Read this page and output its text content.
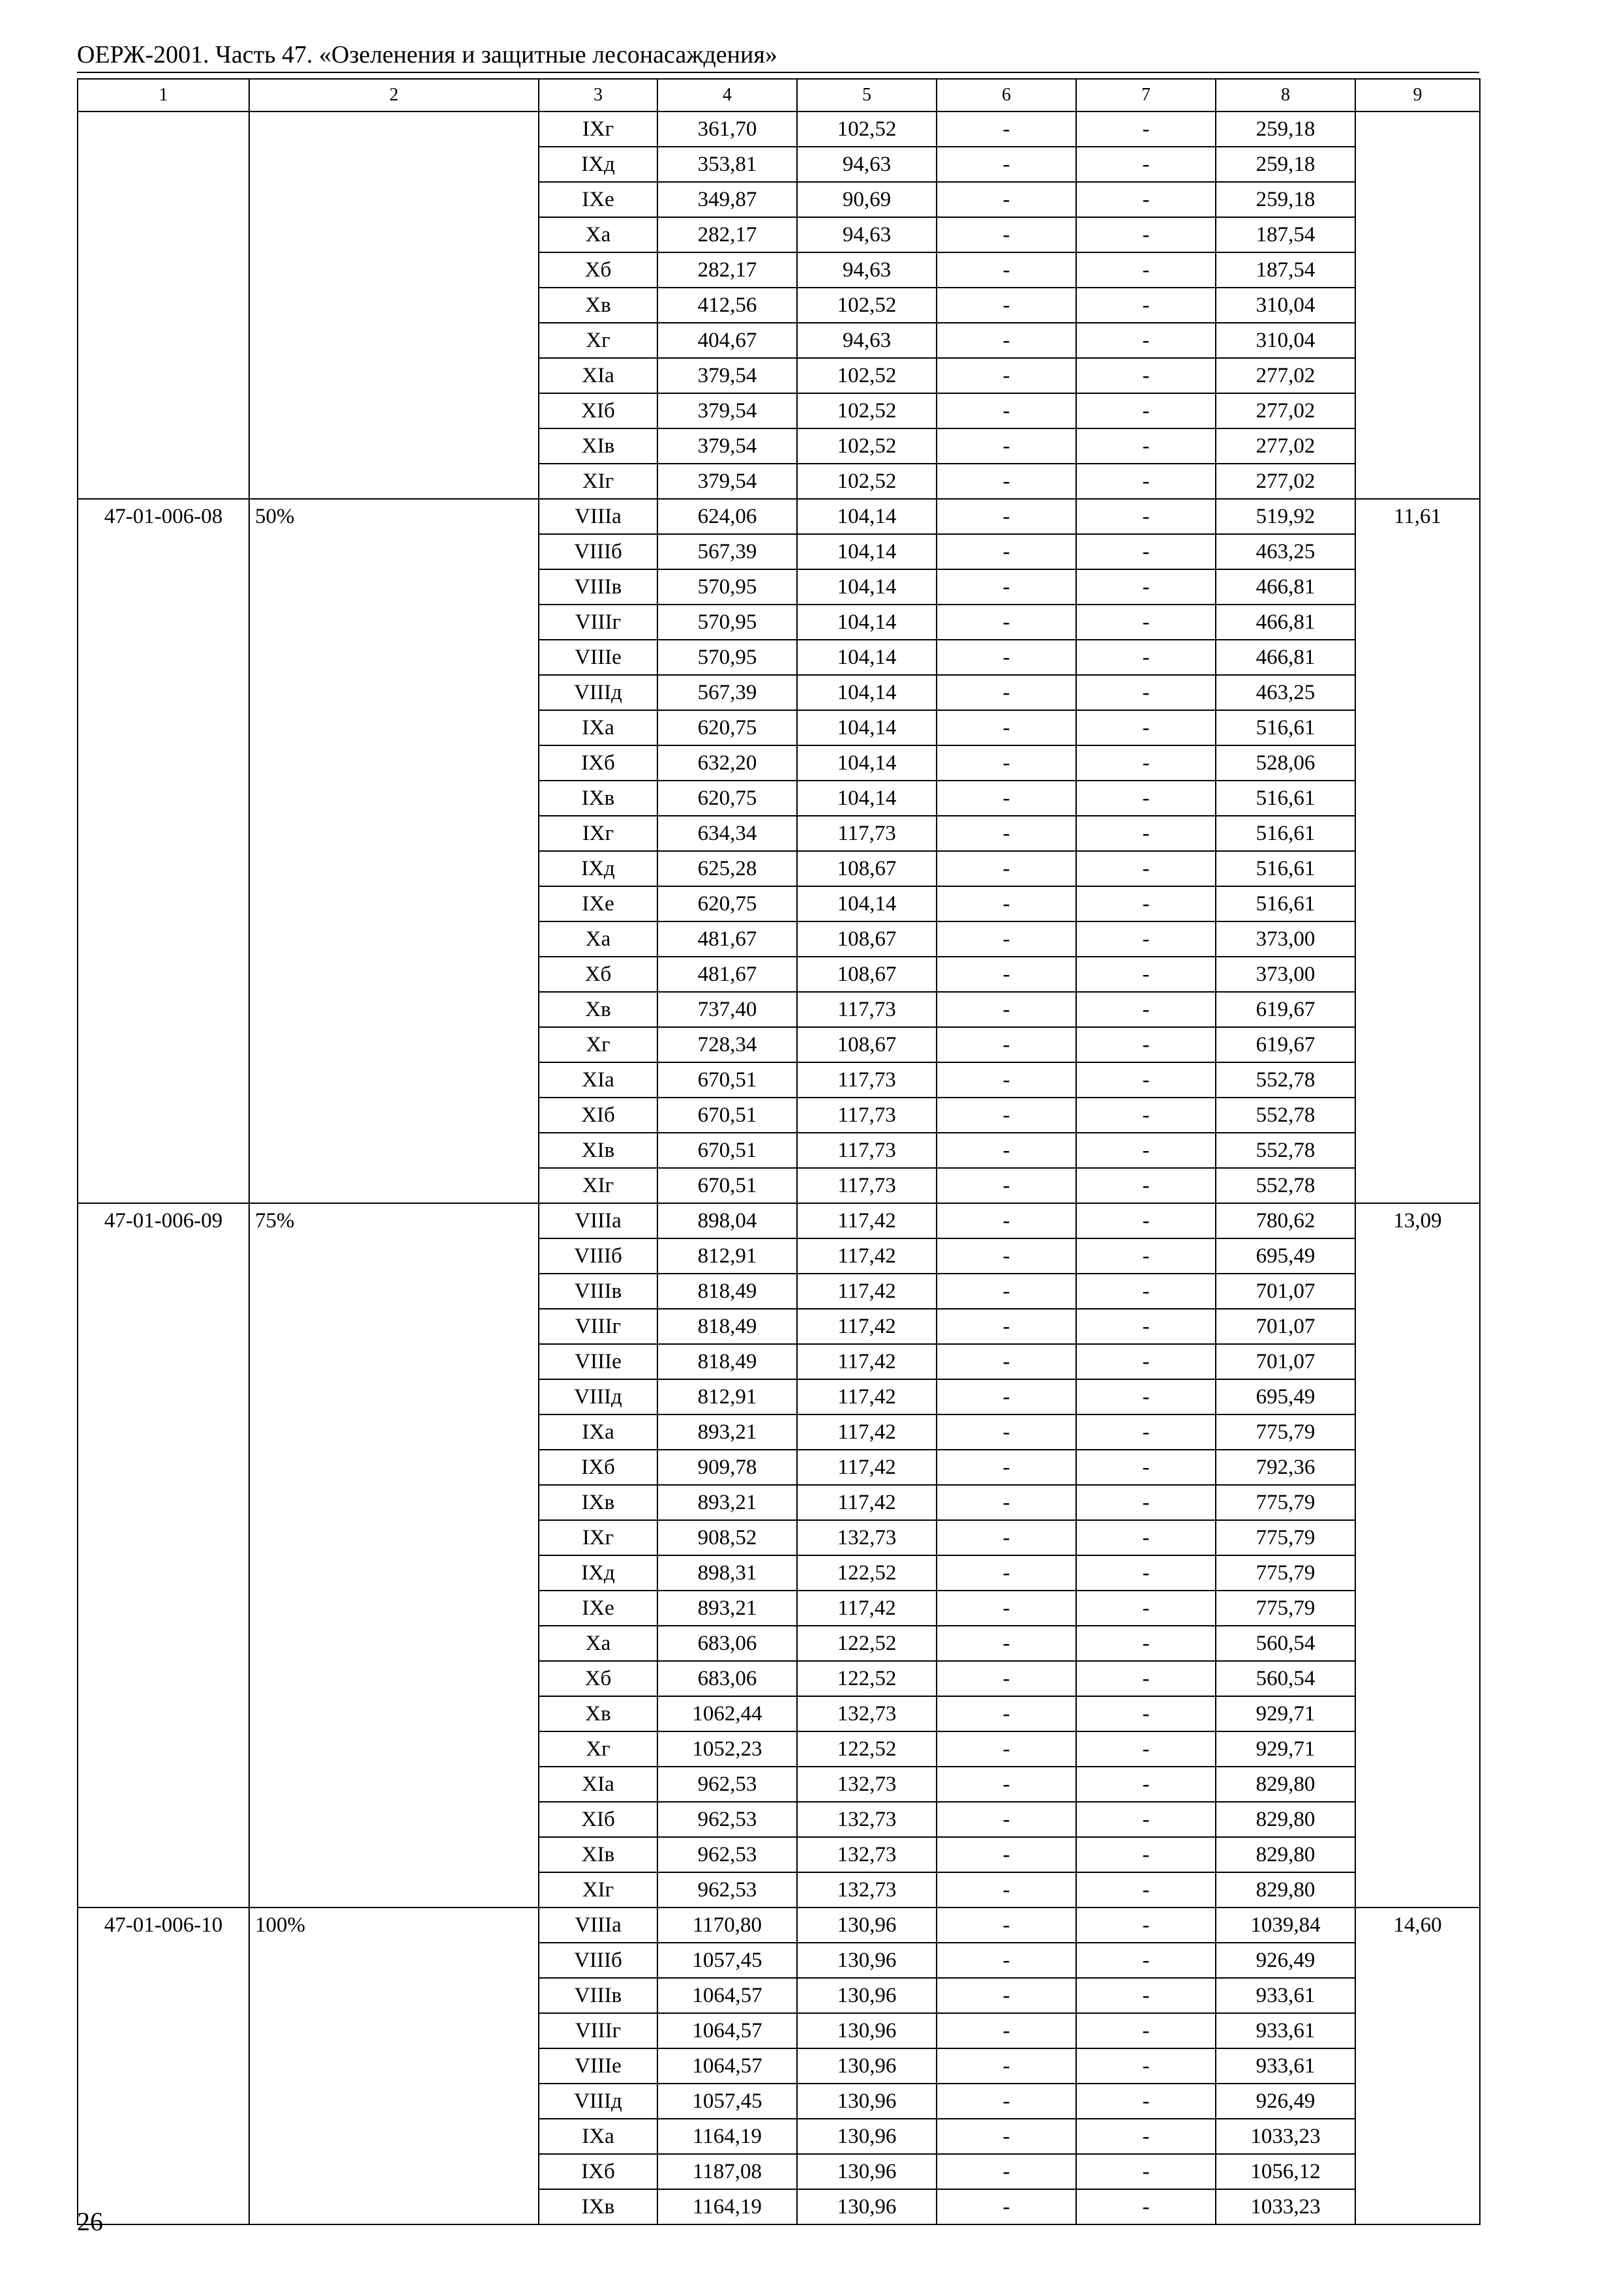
ОЕРЖ-2001. Часть 47. «Озеленения и защитные лесонасаждения»
1	2	3	4	5	6	7	8	9
		IXг	361,70	102,52	-	-	259,18	
		IXд	353,81	94,63	-	-	259,18	
		IXе	349,87	90,69	-	-	259,18	
		Xа	282,17	94,63	-	-	187,54	
		Xб	282,17	94,63	-	-	187,54	
		Xв	412,56	102,52	-	-	310,04	
		Xг	404,67	94,63	-	-	310,04	
		XIа	379,54	102,52	-	-	277,02	
		XIб	379,54	102,52	-	-	277,02	
		XIв	379,54	102,52	-	-	277,02	
		XIг	379,54	102,52	-	-	277,02	
47-01-006-08	50%	VIIIа	624,06	104,14	-	-	519,92	11,61
		VIIIб	567,39	104,14	-	-	463,25	
		VIIIв	570,95	104,14	-	-	466,81	
		VIIIг	570,95	104,14	-	-	466,81	
		VIIIе	570,95	104,14	-	-	466,81	
		VIIIд	567,39	104,14	-	-	463,25	
		IXа	620,75	104,14	-	-	516,61	
		IXб	632,20	104,14	-	-	528,06	
		IXв	620,75	104,14	-	-	516,61	
		IXг	634,34	117,73	-	-	516,61	
		IXд	625,28	108,67	-	-	516,61	
		IXе	620,75	104,14	-	-	516,61	
		Xа	481,67	108,67	-	-	373,00	
		Xб	481,67	108,67	-	-	373,00	
		Xв	737,40	117,73	-	-	619,67	
		Xг	728,34	108,67	-	-	619,67	
		XIа	670,51	117,73	-	-	552,78	
		XIб	670,51	117,73	-	-	552,78	
		XIв	670,51	117,73	-	-	552,78	
		XIг	670,51	117,73	-	-	552,78	
47-01-006-09	75%	VIIIа	898,04	117,42	-	-	780,62	13,09
		VIIIб	812,91	117,42	-	-	695,49	
		VIIIв	818,49	117,42	-	-	701,07	
		VIIIг	818,49	117,42	-	-	701,07	
		VIIIе	818,49	117,42	-	-	701,07	
		VIIIд	812,91	117,42	-	-	695,49	
		IXа	893,21	117,42	-	-	775,79	
		IXб	909,78	117,42	-	-	792,36	
		IXв	893,21	117,42	-	-	775,79	
		IXг	908,52	132,73	-	-	775,79	
		IXд	898,31	122,52	-	-	775,79	
		IXе	893,21	117,42	-	-	775,79	
		Xа	683,06	122,52	-	-	560,54	
		Xб	683,06	122,52	-	-	560,54	
		Xв	1062,44	132,73	-	-	929,71	
		Xг	1052,23	122,52	-	-	929,71	
		XIа	962,53	132,73	-	-	829,80	
		XIб	962,53	132,73	-	-	829,80	
		XIв	962,53	132,73	-	-	829,80	
		XIг	962,53	132,73	-	-	829,80	
47-01-006-10	100%	VIIIа	1170,80	130,96	-	-	1039,84	14,60
		VIIIб	1057,45	130,96	-	-	926,49	
		VIIIв	1064,57	130,96	-	-	933,61	
		VIIIг	1064,57	130,96	-	-	933,61	
		VIIIе	1064,57	130,96	-	-	933,61	
		VIIIд	1057,45	130,96	-	-	926,49	
		IXа	1164,19	130,96	-	-	1033,23	
		IXб	1187,08	130,96	-	-	1056,12	
		IXв	1164,19	130,96	-	-	1033,23	
26
